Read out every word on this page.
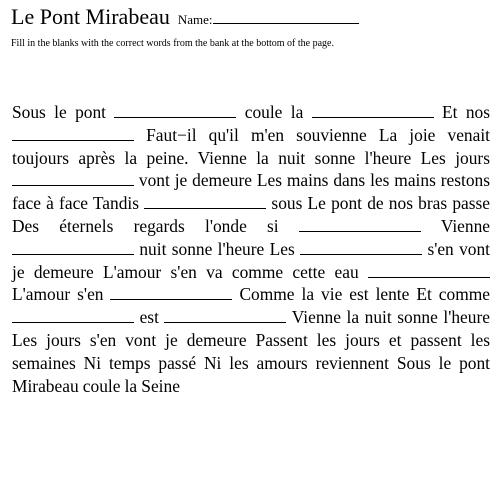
Le Pont Mirabeau Name:
Fill in the blanks with the correct words from the bank at the bottom of the page.
Sous le pont	coule la	Et nos  Faut−il qu'il m'en souvienne La joie venait toujours après la peine. Vienne la nuit sonne l'heure Les jours  vont je demeure Les mains dans les mains restons face à face Tandis	sous Le pont de nos bras passe Des éternels regards l'onde si	Vienne  nuit sonne l'heure Les	s'en vont je demeure L'amour s'en va comme cette eau  L'amour s'en	Comme la vie est lente Et comme  est	Vienne la nuit sonne l'heure Les jours s'en vont je demeure Passent les jours et passent les semaines Ni temps passé Ni les amours reviennent Sous le pont Mirabeau coule la Seine
